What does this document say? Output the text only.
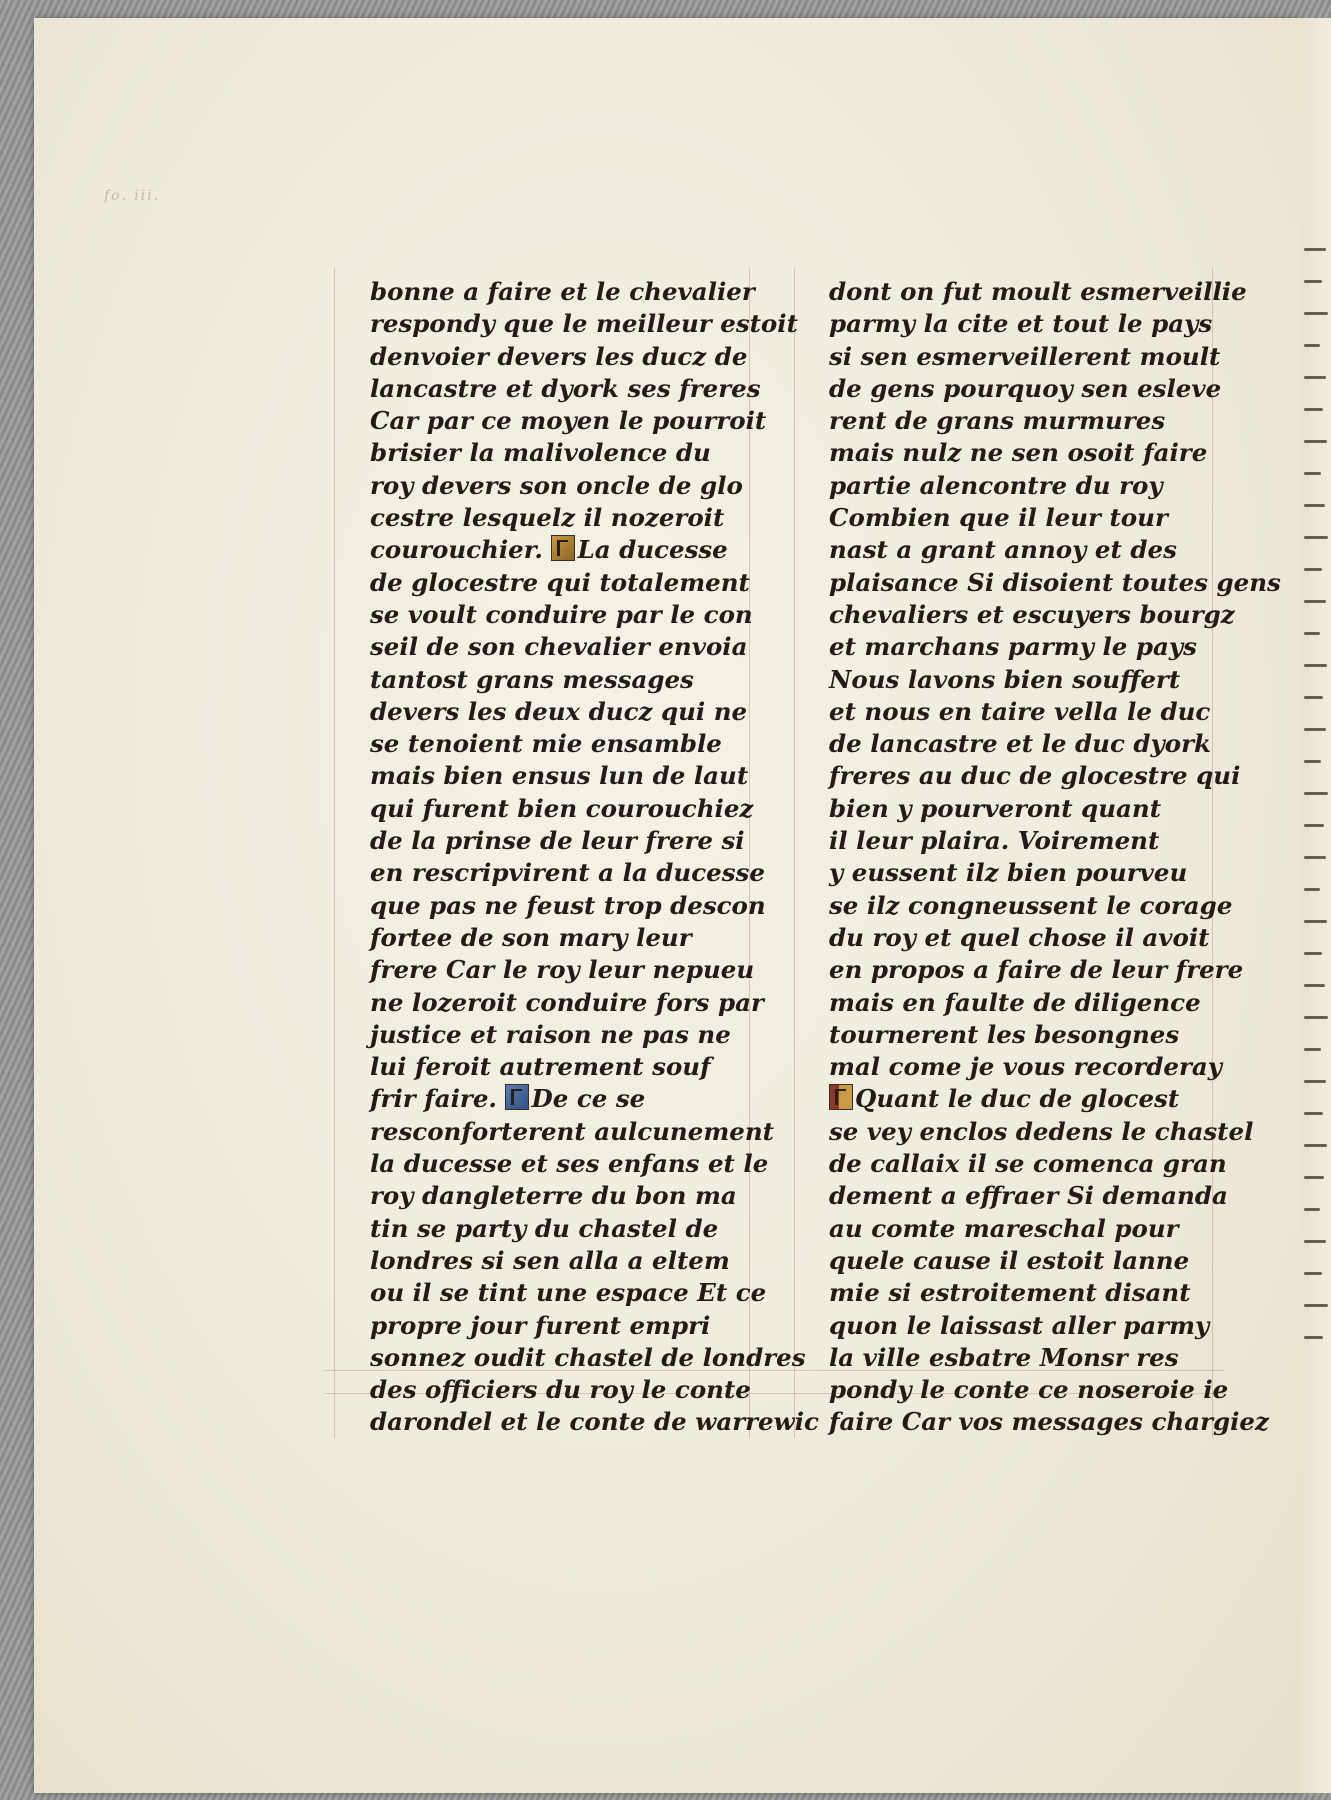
fo. iii.
bonne a faire et le chevalier
respondy que le meilleur estoit
denvoier devers les ducz de
lancastre et dyork ses freres
Car par ce moyen le pourroit
brisier la malivolence du
roy devers son oncle de glo
cestre lesquelz il nozeroit
courouchier. La ducesse
de glocestre qui totalement
se voult conduire par le con
seil de son chevalier envoia
tantost grans messages
devers les deux ducz qui ne
se tenoient mie ensamble
mais bien ensus lun de laut
qui furent bien courouchiez
de la prinse de leur frere si
en rescripvirent a la ducesse
que pas ne feust trop descon
fortee de son mary leur
frere Car le roy leur nepueu
ne lozeroit conduire fors par
justice et raison ne pas ne
lui feroit autrement souf
frir faire. De ce se
resconforterent aulcunement
la ducesse et ses enfans et le
roy dangleterre du bon ma
tin se party du chastel de
londres si sen alla a eltem
ou il se tint une espace Et ce
propre jour furent empri
sonnez oudit chastel de londres
des officiers du roy le conte
darondel et le conte de warrewic
dont on fut moult esmerveillie
parmy la cite et tout le pays
si sen esmerveillerent moult
de gens pourquoy sen esleve
rent de grans murmures
mais nulz ne sen osoit faire
partie alencontre du roy
Combien que il leur tour
nast a grant annoy et des
plaisance Si disoient toutes gens
chevaliers et escuyers bourgz
et marchans parmy le pays
Nous lavons bien souffert
et nous en taire vella le duc
de lancastre et le duc dyork
freres au duc de glocestre qui
bien y pourveront quant
il leur plaira. Voirement
y eussent ilz bien pourveu
se ilz congneussent le corage
du roy et quel chose il avoit
en propos a faire de leur frere
mais en faulte de diligence
tournerent les besongnes
mal come je vous recorderay
Quant le duc de glocest
se vey enclos dedens le chastel
de callaix il se comenca gran
dement a effraer Si demanda
au comte mareschal pour
quele cause il estoit lanne
mie si estroitement disant
quon le laissast aller parmy
la ville esbatre Monsr res
pondy le conte ce noseroie ie
faire Car vos messages chargiez
